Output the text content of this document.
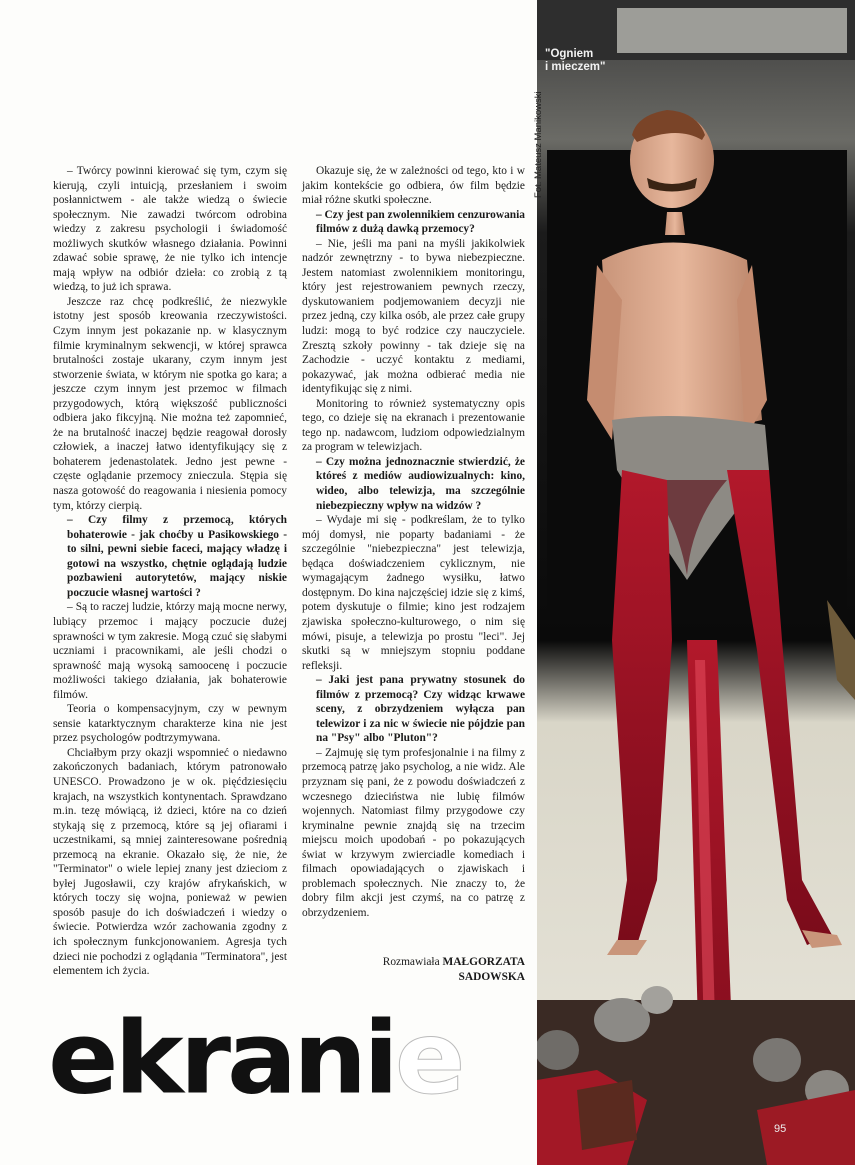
Fot. Mateusz Manikowski
"Ogniem
i mieczem"

– Twórcy powinni kierować się tym, czym się kierują, czyli intuicją, przesłaniem i swoim posłannictwem - ale także wiedzą o świecie społecznym. Nie zawadzi twórcom odrobina wiedzy z zakresu psychologii i świadomość możliwych skutków własnego działania. Powinni zdawać sobie sprawę, że nie tylko ich intencje mają wpływ na odbiór dzieła: co zrobią z tą wiedzą, to już ich sprawa.

Jeszcze raz chcę podkreślić, że niezwykle istotny jest sposób kreowania rzeczywistości. Czym innym jest pokazanie np. w klasycznym filmie kryminalnym sekwencji, w której sprawca brutalności zostaje ukarany, czym innym jest stworzenie świata, w którym nie spotka go kara; a jeszcze czym innym jest przemoc w filmach przygodowych, którą większość publiczności odbiera jako fikcyjną. Nie można też zapomnieć, że na brutalność inaczej będzie reagował dorosły człowiek, a inaczej łatwo identyfikujący się z bohaterem jedenastolatek. Jedno jest pewne - częste oglądanie przemocy znieczula. Stępia się nasza gotowość do reagowania i niesienia pomocy tym, którzy cierpią.

– Czy filmy z przemocą, których bohaterowie - jak choćby u Pasikowskiego - to silni, pewni siebie faceci, mający władzę i gotowi na wszystko, chętnie oglądają ludzie pozbawieni autorytetów, mający niskie poczucie własnej wartości ?

– Są to raczej ludzie, którzy mają mocne nerwy, lubiący przemoc i mający poczucie dużej sprawności w tym zakresie. Mogą czuć się słabymi uczniami i pracownikami, ale jeśli chodzi o sprawność mają wysoką samoocenę i poczucie możliwości takiego działania, jak bohaterowie filmów.

Teoria o kompensacyjnym, czy w pewnym sensie katarktycznym charakterze kina nie jest przez psychologów podtrzymywana.

Chciałbym przy okazji wspomnieć o niedawno zakończonych badaniach, którym patronowało UNESCO. Prowadzono je w ok. pięćdziesięciu krajach, na wszystkich kontynentach. Sprawdzano m.in. tezę mówiącą, iż dzieci, które na co dzień stykają się z przemocą, które są jej ofiarami i uczestnikami, są mniej zainteresowane pośrednią przemocą na ekranie. Okazało się, że nie, że "Terminator" o wiele lepiej znany jest dzieciom z byłej Jugosławii, czy krajów afrykańskich, w których toczy się wojna, ponieważ w pewien sposób pasuje do ich doświadczeń i wiedzy o świecie. Potwierdza wzór zachowania zgodny z ich społecznym funkcjonowaniem. Agresja tych dzieci nie pochodzi z oglądania "Terminatora", jest elementem ich życia.

Okazuje się, że w zależności od tego, kto i w jakim kontekście go odbiera, ów film będzie miał różne skutki społeczne.

– Czy jest pan zwolennikiem cenzurowania filmów z dużą dawką przemocy?

– Nie, jeśli ma pani na myśli jakikolwiek nadzór zewnętrzny - to bywa niebezpieczne. Jestem natomiast zwolennikiem monitoringu, który jest rejestrowaniem pewnych rzeczy, dyskutowaniem podjemowaniem decyzji nie przez jedną, czy kilka osób, ale przez całe grupy ludzi: mogą to być rodzice czy nauczyciele. Zresztą szkoły powinny - tak dzieje się na Zachodzie - uczyć kontaktu z mediami, pokazywać, jak można odbierać media nie identyfikując się z nimi.

Monitoring to również systematyczny opis tego, co dzieje się na ekranach i prezentowanie tego np. nadawcom, ludziom odpowiedzialnym za program w telewizjach.

– Czy można jednoznacznie stwierdzić, że któreś z mediów audiowizualnych: kino, wideo, albo telewizja, ma szczególnie niebezpieczny wpływ na widzów ?

– Wydaje mi się - podkreślam, że to tylko mój domysł, nie poparty badaniami - że szczególnie "niebezpieczna" jest telewizja, będąca doświadczeniem cyklicznym, nie wymagającym żadnego wysiłku, łatwo dostępnym. Do kina najczęściej idzie się z kimś, potem dyskutuje o filmie; kino jest rodzajem zjawiska społeczno-kulturowego, o nim się mówi, pisuje, a telewizja po prostu "leci". Jej skutki są w mniejszym stopniu poddane refleksji.

– Jaki jest pana prywatny stosunek do filmów z przemocą? Czy widząc krwawe sceny, z obrzydzeniem wyłącza pan telewizor i za nic w świecie nie pójdzie pan na "Psy" albo "Pluton"?

– Zajmuję się tym profesjonalnie i na filmy z przemocą patrzę jako psycholog, a nie widz. Ale przyznam się pani, że z powodu doświadczeń z wczesnego dzieciństwa nie lubię filmów wojennych. Natomiast filmy przygodowe czy kryminalne pewnie znajdą się na trzecim miejscu moich upodobań - po pokazujących świat w krzywym zwierciadle komediach i filmach opowiadających o zjawiskach i problemach społecznych. Nie znaczy to, że dobry film akcji jest czymś, na co patrzę z obrzydzeniem.

Rozmawiała MAŁGORZATA
SADOWSKA
ekranie
95
